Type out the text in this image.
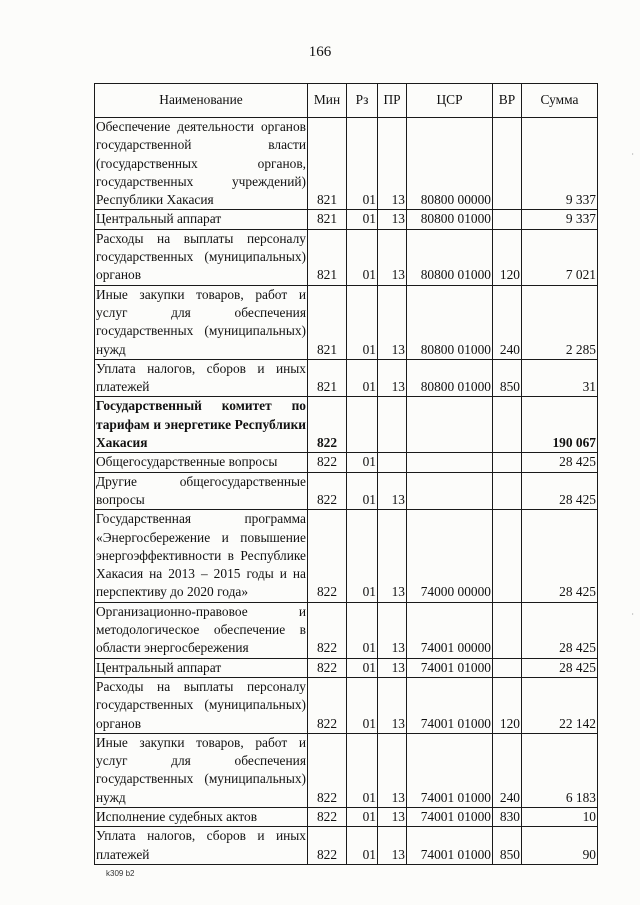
166
Наименование	Мин	Рз	ПР	ЦСР	ВР	Сумма
Обеспечение деятельности органов государственной власти (государственных органов, государственных учреждений) Республики Хакасия	821	01	13	80800 00000		9 337
Центральный аппарат	821	01	13	80800 01000		9 337
Расходы на выплаты персоналу государственных (муниципальных) органов	821	01	13	80800 01000	120	7 021
Иные закупки товаров, работ и услуг для обеспечения государственных (муниципальных) нужд	821	01	13	80800 01000	240	2 285
Уплата налогов, сборов и иных платежей	821	01	13	80800 01000	850	31
Государственный комитет по тарифам и энергетике Республики Хакасия	822					190 067
Общегосударственные вопросы	822	01				28 425
Другие общегосударственные вопросы	822	01	13			28 425
Государственная программа «Энергосбережение и повышение энергоэффективности в Республике Хакасия на 2013 – 2015 годы и на перспективу до 2020 года»	822	01	13	74000 00000		28 425
Организационно-правовое и методологическое обеспечение в области энергосбережения	822	01	13	74001 00000		28 425
Центральный аппарат	822	01	13	74001 01000		28 425
Расходы на выплаты персоналу государственных (муниципальных) органов	822	01	13	74001 01000	120	22 142
Иные закупки товаров, работ и услуг для обеспечения государственных (муниципальных) нужд	822	01	13	74001 01000	240	6 183
Исполнение судебных актов	822	01	13	74001 01000	830	10
Уплата налогов, сборов и иных платежей	822	01	13	74001 01000	850	90
k309 b2
·
·
